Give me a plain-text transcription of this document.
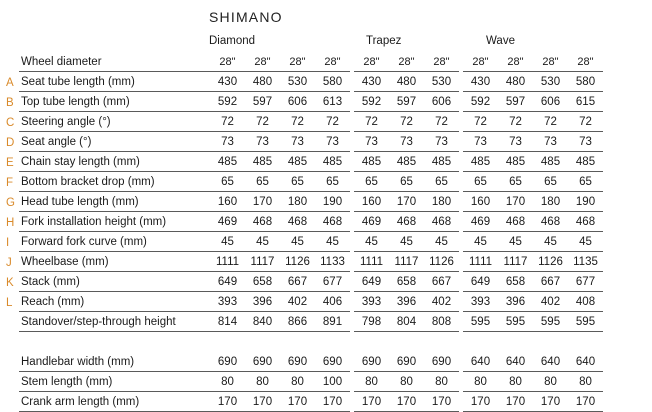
SHIMANO
Diamond	Trapez	Wave
	Wheel diameter	28"	28"	28"	28"		28"	28"	28"		28"	28"	28"	28"
A	Seat tube length (mm)	430	480	530	580		430	480	530		430	480	530	580
B	Top tube length (mm)	592	597	606	613		592	597	606		592	597	606	615
C	Steering angle (°)	72	72	72	72		72	72	72		72	72	72	72
D	Seat angle (°)	73	73	73	73		73	73	73		73	73	73	73
E	Chain stay length (mm)	485	485	485	485		485	485	485		485	485	485	485
F	Bottom bracket drop (mm)	65	65	65	65		65	65	65		65	65	65	65
G	Head tube length (mm)	160	170	180	190		160	170	180		160	170	180	190
H	Fork installation height (mm)	469	468	468	468		469	468	468		469	468	468	468
I	Forward fork curve (mm)	45	45	45	45		45	45	45		45	45	45	45
J	Wheelbase (mm)	1111	1117	1126	1133		1111	1117	1126		1111	1117	1126	1135
K	Stack (mm)	649	658	667	677		649	658	667		649	658	667	677
L	Reach (mm)	393	396	402	406		393	396	402		393	396	402	408
	Standover/step-through height	814	840	866	891		798	804	808		595	595	595	595

	Handlebar width (mm)	690	690	690	690		690	690	690		640	640	640	640
	Stem length (mm)	80	80	80	100		80	80	80		80	80	80	80
	Crank arm length (mm)	170	170	170	170		170	170	170		170	170	170	170
